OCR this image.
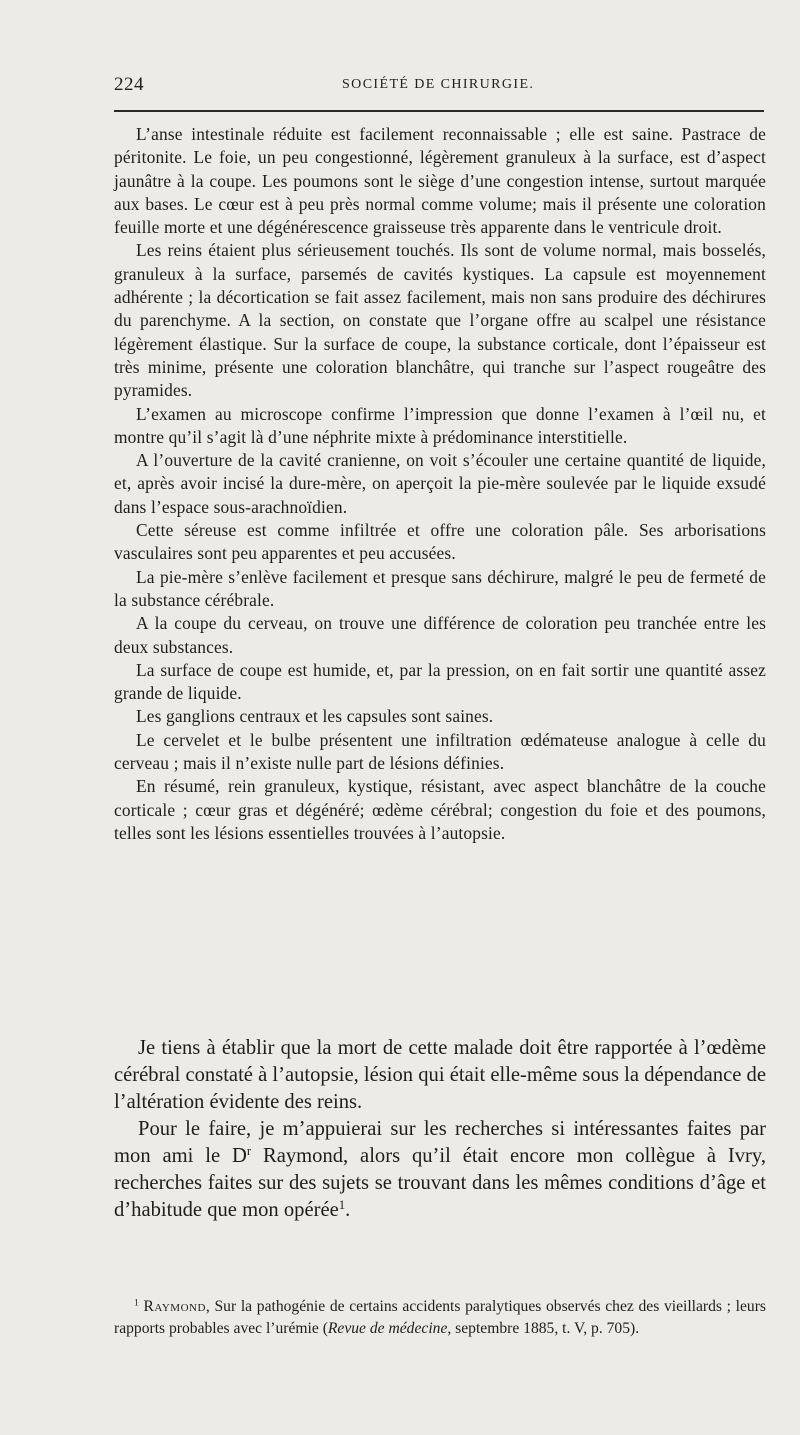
224	SOCIÉTÉ DE CHIRURGIE.

L’anse intestinale réduite est facilement reconnaissable ; elle est saine. Pastrace de péritonite. Le foie, un peu congestionné, légèrement granuleux à la surface, est d’aspect jaunâtre à la coupe. Les poumons sont le siège d’une congestion intense, surtout marquée aux bases. Le cœur est à peu près normal comme volume; mais il présente une coloration feuille morte et une dégénérescence graisseuse très apparente dans le ventricule droit.

Les reins étaient plus sérieusement touchés. Ils sont de volume normal, mais bosselés, granuleux à la surface, parsemés de cavités kystiques. La capsule est moyennement adhérente ; la décortication se fait assez facilement, mais non sans produire des déchirures du parenchyme. A la section, on constate que l’organe offre au scalpel une résistance légèrement élastique. Sur la surface de coupe, la substance corticale, dont l’épaisseur est très minime, présente une coloration blanchâtre, qui tranche sur l’aspect rougeâtre des pyramides.

L’examen au microscope confirme l’impression que donne l’examen à l’œil nu, et montre qu’il s’agit là d’une néphrite mixte à prédominance interstitielle.

A l’ouverture de la cavité cranienne, on voit s’écouler une certaine quantité de liquide, et, après avoir incisé la dure-mère, on aperçoit la pie-mère soulevée par le liquide exsudé dans l’espace sous-arachnoïdien.

Cette séreuse est comme infiltrée et offre une coloration pâle. Ses arborisations vasculaires sont peu apparentes et peu accusées.

La pie-mère s’enlève facilement et presque sans déchirure, malgré le peu de fermeté de la substance cérébrale.

A la coupe du cerveau, on trouve une différence de coloration peu tranchée entre les deux substances.

La surface de coupe est humide, et, par la pression, on en fait sortir une quantité assez grande de liquide.

Les ganglions centraux et les capsules sont saines.

Le cervelet et le bulbe présentent une infiltration œdémateuse analogue à celle du cerveau ; mais il n’existe nulle part de lésions définies.

En résumé, rein granuleux, kystique, résistant, avec aspect blanchâtre de la couche corticale ; cœur gras et dégénéré; œdème cérébral; congestion du foie et des poumons, telles sont les lésions essentielles trouvées à l’autopsie.

Je tiens à établir que la mort de cette malade doit être rapportée à l’œdème cérébral constaté à l’autopsie, lésion qui était elle-même sous la dépendance de l’altération évidente des reins.

Pour le faire, je m’appuierai sur les recherches si intéressantes faites par mon ami le $D^r$ Raymond, alors qu’il était encore mon collègue à Ivry, recherches faites sur des sujets se trouvant dans les mêmes conditions d’âge et d’habitude que mon opérée$^1$.

$^1$ Raymond, Sur la pathogénie de certains accidents paralytiques observés chez des vieillards ; leurs rapports probables avec l’urémie (Revue de médecine, septembre 1885, t. V, p. 705).
